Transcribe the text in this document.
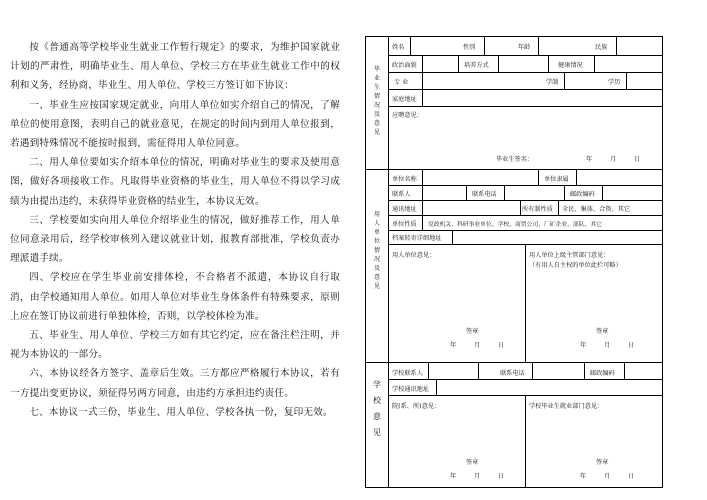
按《普通高等学校毕业生就业工作暂行规定》的要求，为维护国家就业计划的严肃性，明确毕业生、用人单位、学校三方在毕业生就业工作中的权利和义务，经协商，毕业生、用人单位、学校三方签订如下协议：

一、毕业生应按国家规定就业，向用人单位如实介绍自己的情况，了解单位的使用意图，表明自己的就业意见，在规定的时间内到用人单位报到，若遇到特殊情况不能按时报到，需征得用人单位同意。

二、用人单位要如实介绍本单位的情况，明确对毕业生的要求及使用意图，做好各项接收工作。凡取得毕业资格的毕业生，用人单位不得以学习成绩为由提出违约，未获得毕业资格的结业生，本协议无效。

三、学校要如实向用人单位介绍毕业生的情况，做好推荐工作，用人单位同意录用后，经学校审核列入建议就业计划，报教育部批准，学校负责办理派遣手续。

四、学校应在学生毕业前安排体检，不合格者不派遣，本协议自行取消，由学校通知用人单位。如用人单位对毕业生身体条件有特殊要求，原则上应在签订协议前进行单独体检，否则，以学校体检为准。

五、毕业生、用人单位、学校三方如有其它约定，应在备注栏注明，并视为本协议的一部分。

六、本协议经各方签字、盖章后生效。三方都应严格履行本协议，若有一方提出变更协议，须征得另两方同意，由违约方承担违约责任。

七、本协议一式三份，毕业生、用人单位、学校各执一份，复印无效。

毕
业
生
情
况
及
意
见
姓名	性别	年龄	民族
政治面貌	培养方式	健康情况
专 业	学制	学历
家庭地址
应聘意见：
毕业生签名：	年	月	日
用
人
单
位
情
况
及
意
见
单位名称	单位隶属
联系人	联系电话	邮政编码
通讯地址	所有制性质 全民、集体、合资、其它
单位性质 党政机关、科研事业单位、学校、商贸公司、厂矿企业、部队、其它
档案转寄详细地址
用人单位意见：
签章
年	月	日
用人单位上级主管部门意见：
（有用人自主权的单位此栏可略）
签章
年	月	日
学
校
意
见
学校联系人	联系电话	邮政编码
学校通讯地址
院(系、所)意见：
签章
年	月	日
学校毕业生就业部门意见：
签章
年	月	日
